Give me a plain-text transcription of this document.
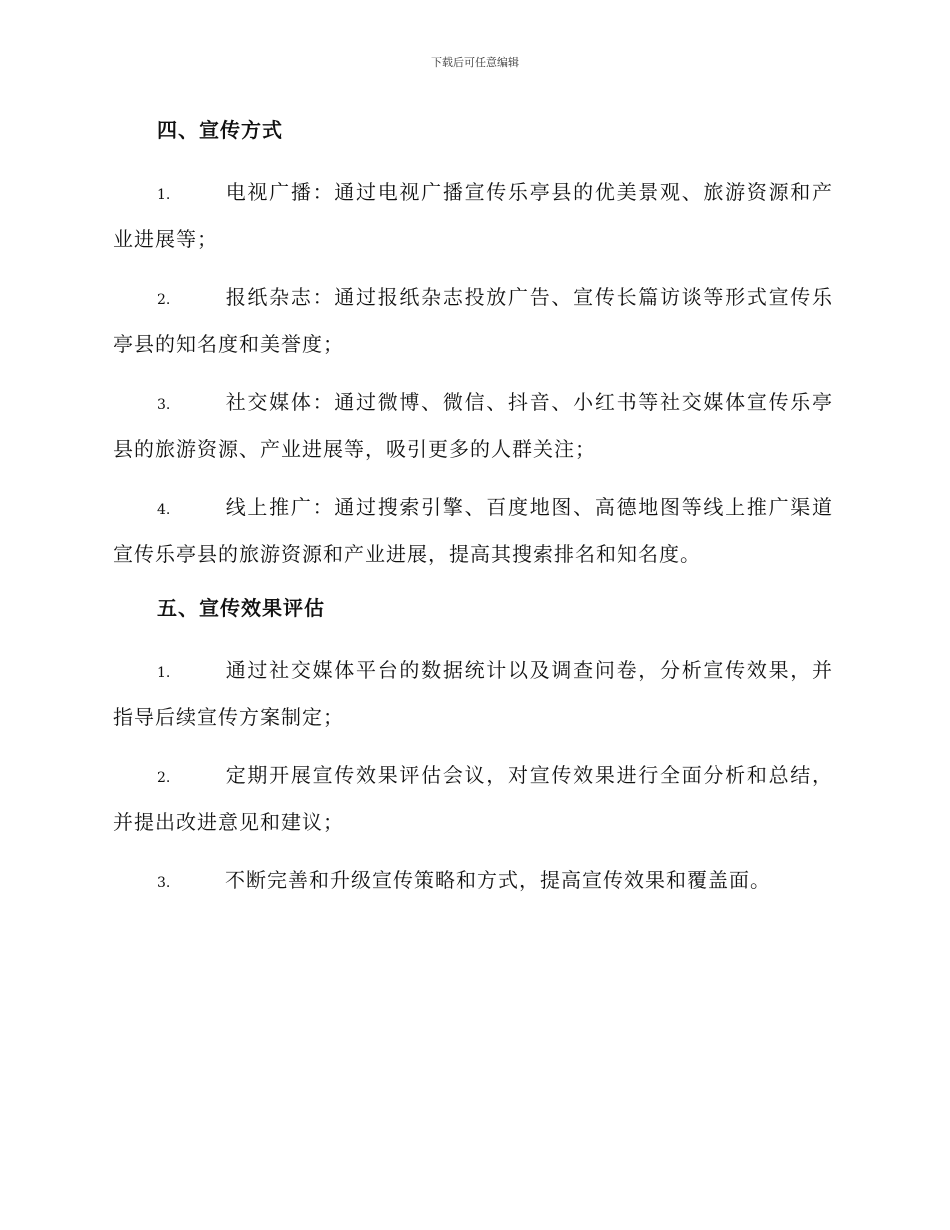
下载后可任意编辑
四、宣传方式

1.	电视广播：通过电视广播宣传乐亭县的优美景观、旅游资源和产业进展等；

2.	报纸杂志：通过报纸杂志投放广告、宣传长篇访谈等形式宣传乐亭县的知名度和美誉度；

3.	社交媒体：通过微博、微信、抖音、小红书等社交媒体宣传乐亭县的旅游资源、产业进展等，吸引更多的人群关注；

4.	线上推广：通过搜索引擎、百度地图、高德地图等线上推广渠道宣传乐亭县的旅游资源和产业进展，提高其搜索排名和知名度。

五、宣传效果评估

1.	通过社交媒体平台的数据统计以及调查问卷，分析宣传效果，并指导后续宣传方案制定；

2.	定期开展宣传效果评估会议，对宣传效果进行全面分析和总结，并提出改进意见和建议；

3.	不断完善和升级宣传策略和方式，提高宣传效果和覆盖面。
